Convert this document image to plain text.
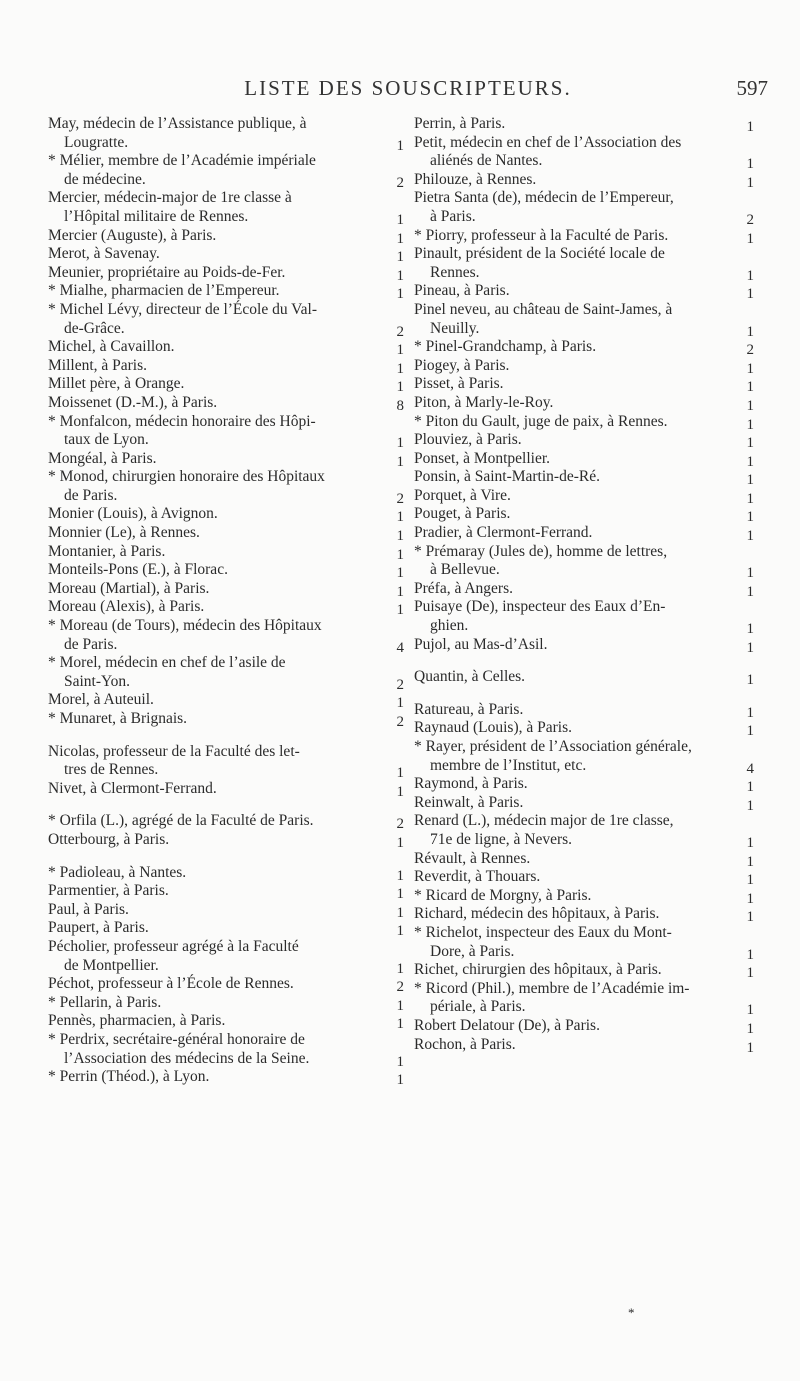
LISTE DES SOUSCRIPTEURS.	597
May, médecin de l’Assistance publique, à
Lougratte.	1
* Mélier, membre de l’Académie impériale
de médecine.	2
Mercier, médecin-major de 1re classe à
l’Hôpital militaire de Rennes.	1
Mercier (Auguste), à Paris.	1
Merot, à Savenay.	1
Meunier, propriétaire au Poids-de-Fer.	1
* Mialhe, pharmacien de l’Empereur.	1
* Michel Lévy, directeur de l’École du Val-
de-Grâce.	2
Michel, à Cavaillon.	1
Millent, à Paris.	1
Millet père, à Orange.	1
Moissenet (D.-M.), à Paris.	8
* Monfalcon, médecin honoraire des Hôpi-
taux de Lyon.	1
Mongéal, à Paris.	1
* Monod, chirurgien honoraire des Hôpitaux
de Paris.	2
Monier (Louis), à Avignon.	1
Monnier (Le), à Rennes.	1
Montanier, à Paris.	1
Monteils-Pons (E.), à Florac.	1
Moreau (Martial), à Paris.	1
Moreau (Alexis), à Paris.	1
* Moreau (de Tours), médecin des Hôpitaux
de Paris.	4
* Morel, médecin en chef de l’asile de
Saint-Yon.	2
Morel, à Auteuil.	1
* Munaret, à Brignais.	2
Nicolas, professeur de la Faculté des let-
tres de Rennes.	1
Nivet, à Clermont-Ferrand.	1
* Orfila (L.), agrégé de la Faculté de Paris.	2
Otterbourg, à Paris.	1
* Padioleau, à Nantes.	1
Parmentier, à Paris.	1
Paul, à Paris.	1
Paupert, à Paris.	1
Pécholier, professeur agrégé à la Faculté
de Montpellier.	1
Péchot, professeur à l’École de Rennes.	2
* Pellarin, à Paris.	1
Pennès, pharmacien, à Paris.	1
* Perdrix, secrétaire-général honoraire de
l’Association des médecins de la Seine.	1
* Perrin (Théod.), à Lyon.	1
Perrin, à Paris.	1
Petit, médecin en chef de l’Association des
aliénés de Nantes.	1
Philouze, à Rennes.	1
Pietra Santa (de), médecin de l’Empereur,
à Paris.	2
* Piorry, professeur à la Faculté de Paris.	1
Pinault, président de la Société locale de
Rennes.	1
Pineau, à Paris.	1
Pinel neveu, au château de Saint-James, à
Neuilly.	1
* Pinel-Grandchamp, à Paris.	2
Piogey, à Paris.	1
Pisset, à Paris.	1
Piton, à Marly-le-Roy.	1
* Piton du Gault, juge de paix, à Rennes.	1
Plouviez, à Paris.	1
Ponset, à Montpellier.	1
Ponsin, à Saint-Martin-de-Ré.	1
Porquet, à Vire.	1
Pouget, à Paris.	1
Pradier, à Clermont-Ferrand.	1
* Prémaray (Jules de), homme de lettres,
à Bellevue.	1
Préfa, à Angers.	1
Puisaye (De), inspecteur des Eaux d’En-
ghien.	1
Pujol, au Mas-d’Asil.	1
Quantin, à Celles.	1
Ratureau, à Paris.	1
Raynaud (Louis), à Paris.	1
* Rayer, président de l’Association générale,
membre de l’Institut, etc.	4
Raymond, à Paris.	1
Reinwalt, à Paris.	1
Renard (L.), médecin major de 1re classe,
71e de ligne, à Nevers.	1
Révault, à Rennes.	1
Reverdit, à Thouars.	1
* Ricard de Morgny, à Paris.	1
Richard, médecin des hôpitaux, à Paris.	1
* Richelot, inspecteur des Eaux du Mont-
Dore, à Paris.	1
Richet, chirurgien des hôpitaux, à Paris.	1
* Ricord (Phil.), membre de l’Académie im-
périale, à Paris.	1
Robert Delatour (De), à Paris.	1
Rochon, à Paris.	1
*
